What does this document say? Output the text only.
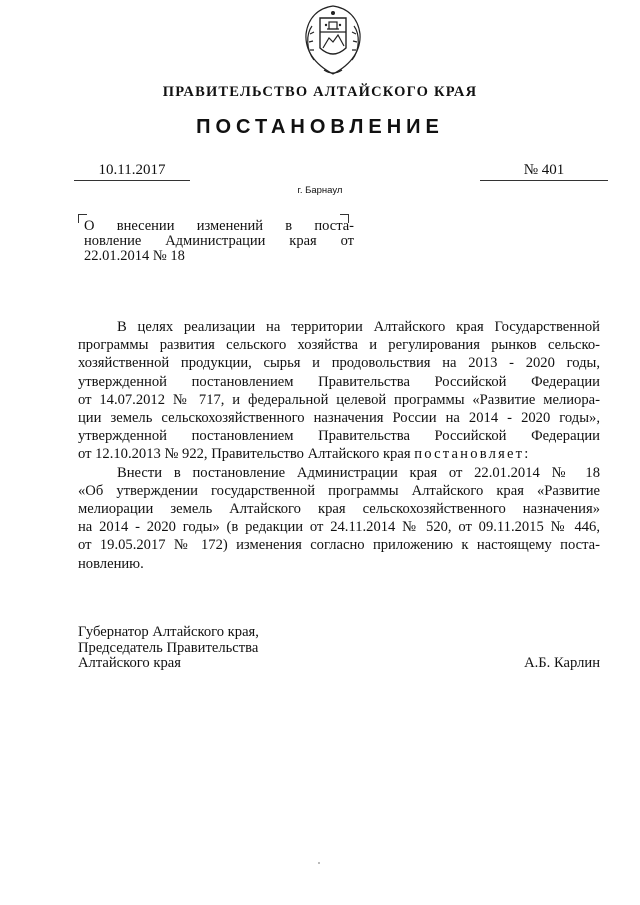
ПРАВИТЕЛЬСТВО АЛТАЙСКОГО КРАЯ
ПОСТАНОВЛЕНИЕ
10.11.2017	№ 401
г. Барнаул
О внесении изменений в поста-
новление Администрации края от
22.01.2014 № 18
В целях реализации на территории Алтайского края Государственной
программы развития сельского хозяйства и регулирования рынков сельско-
хозяйственной продукции, сырья и продовольствия на 2013 - 2020 годы,
утвержденной постановлением Правительства Российской Федерации
от 14.07.2012 № 717, и федеральной целевой программы «Развитие мелиора-
ции земель сельскохозяйственного назначения России на 2014 - 2020 годы»,
утвержденной постановлением Правительства Российской Федерации
от 12.10.2013 № 922, Правительство Алтайского края постановляет:
Внести в постановление Администрации края от 22.01.2014 № 18
«Об утверждении государственной программы Алтайского края «Развитие
мелиорации земель Алтайского края сельскохозяйственного назначения»
на 2014 - 2020 годы» (в редакции от 24.11.2014 № 520, от 09.11.2015 № 446,
от 19.05.2017 № 172) изменения согласно приложению к настоящему поста-
новлению.
Губернатор Алтайского края,
Председатель Правительства
Алтайского края	А.Б. Карлин
